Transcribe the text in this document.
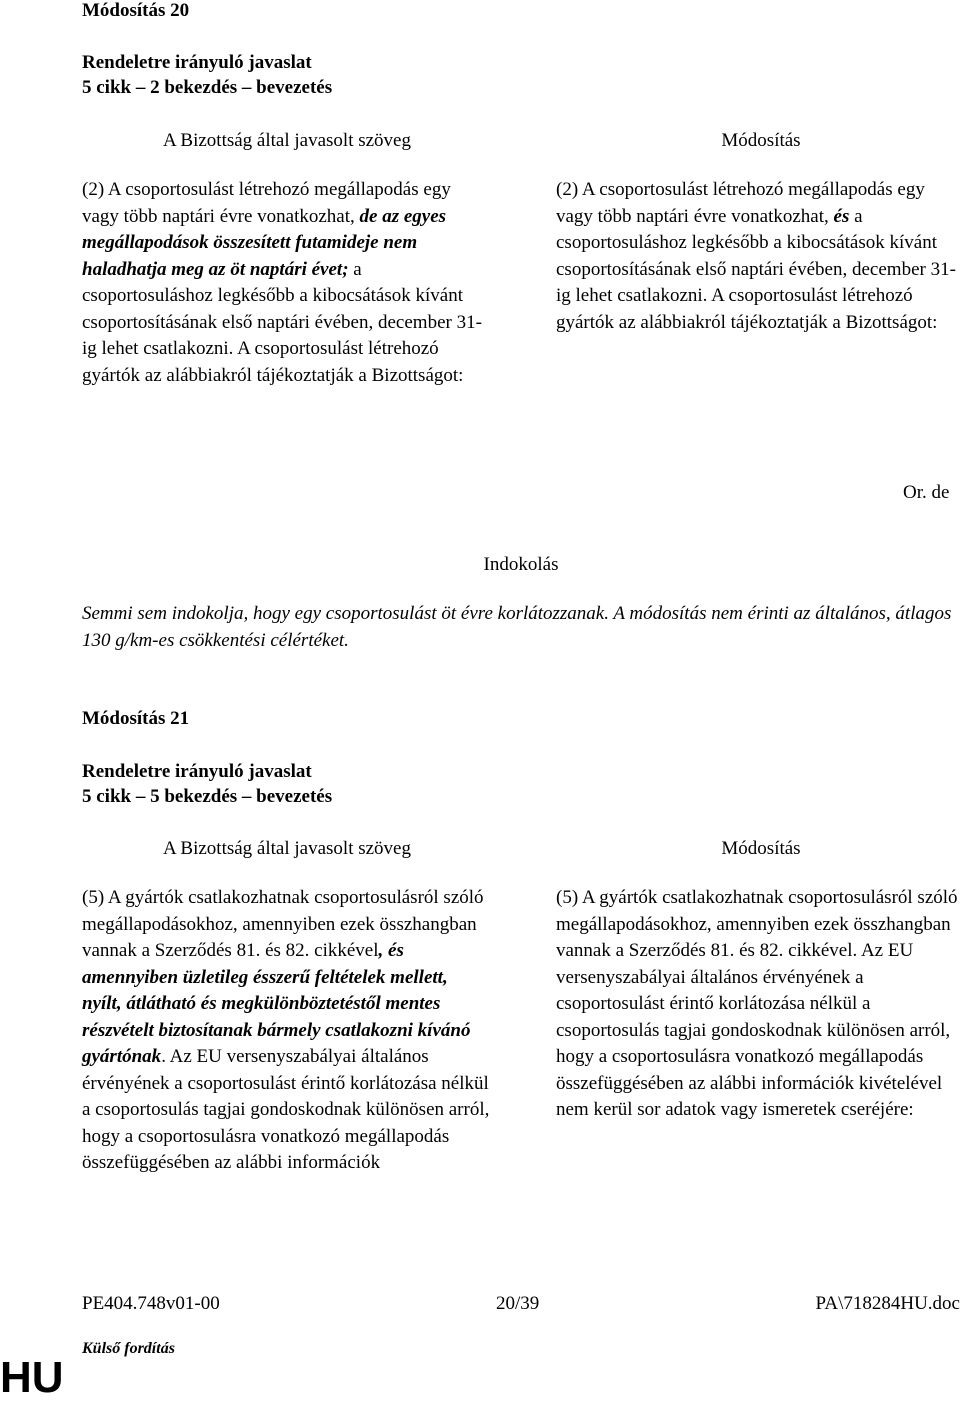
Módosítás 20
Rendeletre irányuló javaslat
5 cikk – 2 bekezdés – bevezetés
A Bizottság által javasolt szöveg	Módosítás

(2) A csoportosulást létrehozó megállapodás egy vagy több naptári évre vonatkozhat, de az egyes megállapodások összesített futamideje nem haladhatja meg az öt naptári évet; a csoportosuláshoz legkésőbb a kibocsátások kívánt csoportosításának első naptári évében, december 31-ig lehet csatlakozni. A csoportosulást létrehozó gyártók az alábbiakról tájékoztatják a Bizottságot:

(2) A csoportosulást létrehozó megállapodás egy vagy több naptári évre vonatkozhat, és a csoportosuláshoz legkésőbb a kibocsátások kívánt csoportosításának első naptári évében, december 31-ig lehet csatlakozni. A csoportosulást létrehozó gyártók az alábbiakról tájékoztatják a Bizottságot:

Or. de
Indokolás

Semmi sem indokolja, hogy egy csoportosulást öt évre korlátozzanak. A módosítás nem érinti az általános, átlagos 130 g/km-es csökkentési célértéket.

Módosítás 21
Rendeletre irányuló javaslat
5 cikk – 5 bekezdés – bevezetés
A Bizottság által javasolt szöveg	Módosítás

(5) A gyártók csatlakozhatnak csoportosulásról szóló megállapodásokhoz, amennyiben ezek összhangban vannak a Szerződés 81. és 82. cikkével, és amennyiben üzletileg ésszerű feltételek mellett, nyílt, átlátható és megkülönböztetéstől mentes részvételt biztosítanak bármely csatlakozni kívánó gyártónak. Az EU versenyszabályai általános érvényének a csoportosulást érintő korlátozása nélkül a csoportosulás tagjai gondoskodnak különösen arról, hogy a csoportosulásra vonatkozó megállapodás összefüggésében az alábbi információk

(5) A gyártók csatlakozhatnak csoportosulásról szóló megállapodásokhoz, amennyiben ezek összhangban vannak a Szerződés 81. és 82. cikkével. Az EU versenyszabályai általános érvényének a csoportosulást érintő korlátozása nélkül a csoportosulás tagjai gondoskodnak különösen arról, hogy a csoportosulásra vonatkozó megállapodás összefüggésében az alábbi információk kivételével nem kerül sor adatok vagy ismeretek cseréjére:

PE404.748v01-00	20/39	PA\718284HU.doc
HU
Külső fordítás
